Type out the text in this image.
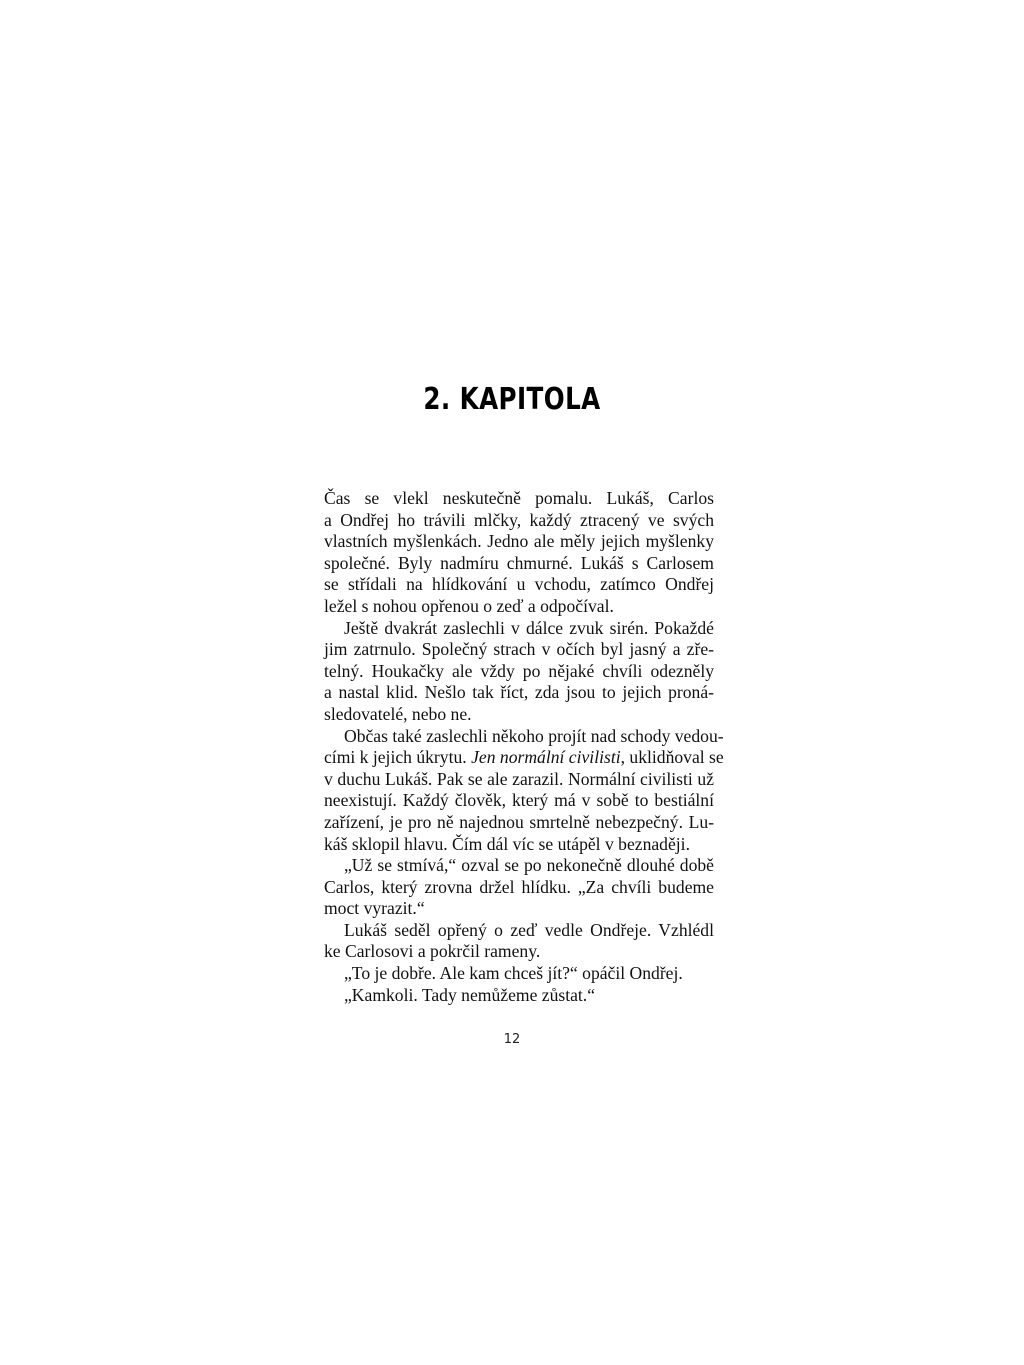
2. KAPITOLA
Čas se vlekl neskutečně pomalu. Lukáš, Carlos
a Ondřej ho trávili mlčky, každý ztracený ve svých
vlastních myšlenkách. Jedno ale měly jejich myšlenky
společné. Byly nadmíru chmurné. Lukáš s Carlosem
se střídali na hlídkování u vchodu, zatímco Ondřej
ležel s nohou opřenou o zeď a odpočíval.
Ještě dvakrát zaslechli v dálce zvuk sirén. Pokaždé
jim zatrnulo. Společný strach v očích byl jasný a zře-
telný. Houkačky ale vždy po nějaké chvíli odezněly
a nastal klid. Nešlo tak říct, zda jsou to jejich proná-
sledovatelé, nebo ne.
Občas také zaslechli někoho projít nad schody vedou-
cími k jejich úkrytu. Jen normální civilisti, uklidňoval se
v duchu Lukáš. Pak se ale zarazil. Normální civilisti už
neexistují. Každý člověk, který má v sobě to bestiální
zařízení, je pro ně najednou smrtelně nebezpečný. Lu-
káš sklopil hlavu. Čím dál víc se utápěl v beznaději.
„Už se stmívá,“ ozval se po nekonečně dlouhé době
Carlos, který zrovna držel hlídku. „Za chvíli budeme
moct vyrazit.“
Lukáš seděl opřený o zeď vedle Ondřeje. Vzhlédl
ke Carlosovi a pokrčil rameny.
„To je dobře. Ale kam chceš jít?“ opáčil Ondřej.
„Kamkoli. Tady nemůžeme zůstat.“
12
